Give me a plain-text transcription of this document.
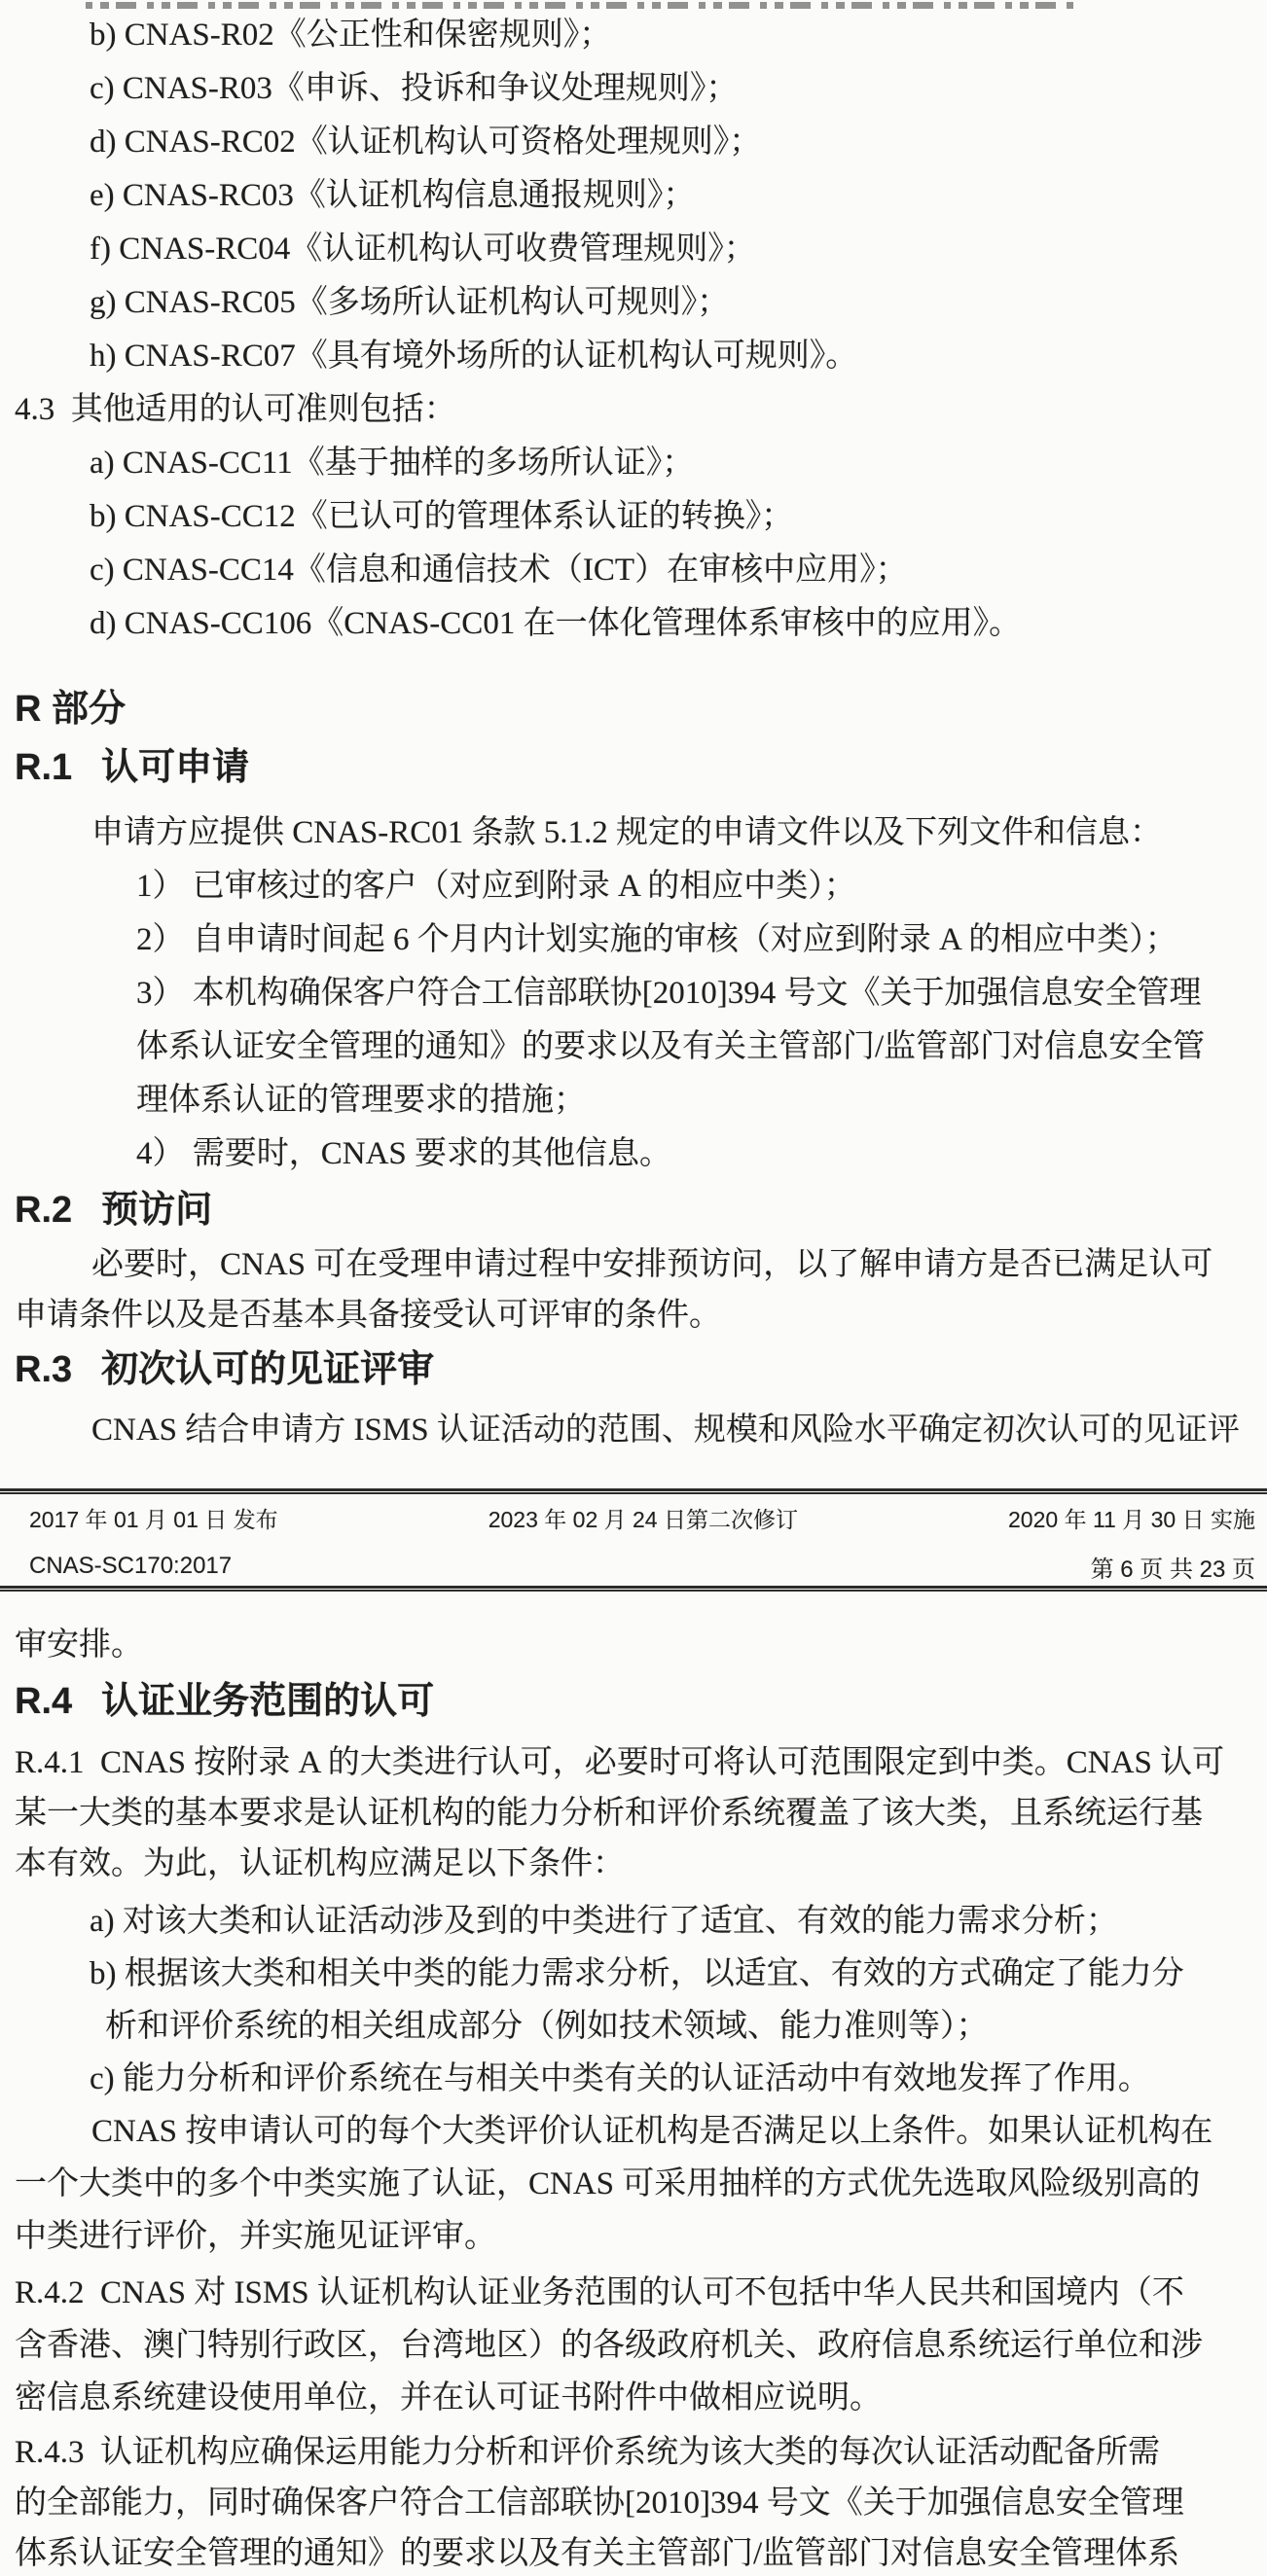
b) CNAS-R02《公正性和保密规则》；
c) CNAS-R03《申诉、投诉和争议处理规则》；
d) CNAS-RC02《认证机构认可资格处理规则》；
e) CNAS-RC03《认证机构信息通报规则》；
f) CNAS-RC04《认证机构认可收费管理规则》；
g) CNAS-RC05《多场所认证机构认可规则》；
h) CNAS-RC07《具有境外场所的认证机构认可规则》。
4.3  其他适用的认可准则包括：
a) CNAS-CC11《基于抽样的多场所认证》；
b) CNAS-CC12《已认可的管理体系认证的转换》；
c) CNAS-CC14《信息和通信技术（ICT）在审核中应用》；
d) CNAS-CC106《CNAS-CC01 在一体化管理体系审核中的应用》。
R 部分
R.1 认可申请
申请方应提供 CNAS-RC01 条款 5.1.2 规定的申请文件以及下列文件和信息：
1） 已审核过的客户（对应到附录 A 的相应中类）；
2） 自申请时间起 6 个月内计划实施的审核（对应到附录 A 的相应中类）；
3） 本机构确保客户符合工信部联协[2010]394 号文《关于加强信息安全管理
体系认证安全管理的通知》的要求以及有关主管部门/监管部门对信息安全管
理体系认证的管理要求的措施；
4） 需要时，CNAS 要求的其他信息。
R.2 预访问
必要时，CNAS 可在受理申请过程中安排预访问，以了解申请方是否已满足认可
申请条件以及是否基本具备接受认可评审的条件。
R.3 初次认可的见证评审
CNAS 结合申请方 ISMS 认证活动的范围、规模和风险水平确定初次认可的见证评
2017 年 01 月 01 日 发布	2023 年 02 月 24 日第二次修订	2020 年 11 月 30 日 实施
CNAS-SC170:2017	第 6 页 共 23 页
审安排。
R.4 认证业务范围的认可
R.4.1  CNAS 按附录 A 的大类进行认可，必要时可将认可范围限定到中类。CNAS 认可
某一大类的基本要求是认证机构的能力分析和评价系统覆盖了该大类，且系统运行基
本有效。为此，认证机构应满足以下条件：
a) 对该大类和认证活动涉及到的中类进行了适宜、有效的能力需求分析；
b) 根据该大类和相关中类的能力需求分析，以适宜、有效的方式确定了能力分
析和评价系统的相关组成部分（例如技术领域、能力准则等）；
c) 能力分析和评价系统在与相关中类有关的认证活动中有效地发挥了作用。
CNAS 按申请认可的每个大类评价认证机构是否满足以上条件。如果认证机构在
一个大类中的多个中类实施了认证，CNAS 可采用抽样的方式优先选取风险级别高的
中类进行评价，并实施见证评审。
R.4.2  CNAS 对 ISMS 认证机构认证业务范围的认可不包括中华人民共和国境内（不
含香港、澳门特别行政区，台湾地区）的各级政府机关、政府信息系统运行单位和涉
密信息系统建设使用单位，并在认可证书附件中做相应说明。
R.4.3  认证机构应确保运用能力分析和评价系统为该大类的每次认证活动配备所需
的全部能力，同时确保客户符合工信部联协[2010]394 号文《关于加强信息安全管理
体系认证安全管理的通知》的要求以及有关主管部门/监管部门对信息安全管理体系
